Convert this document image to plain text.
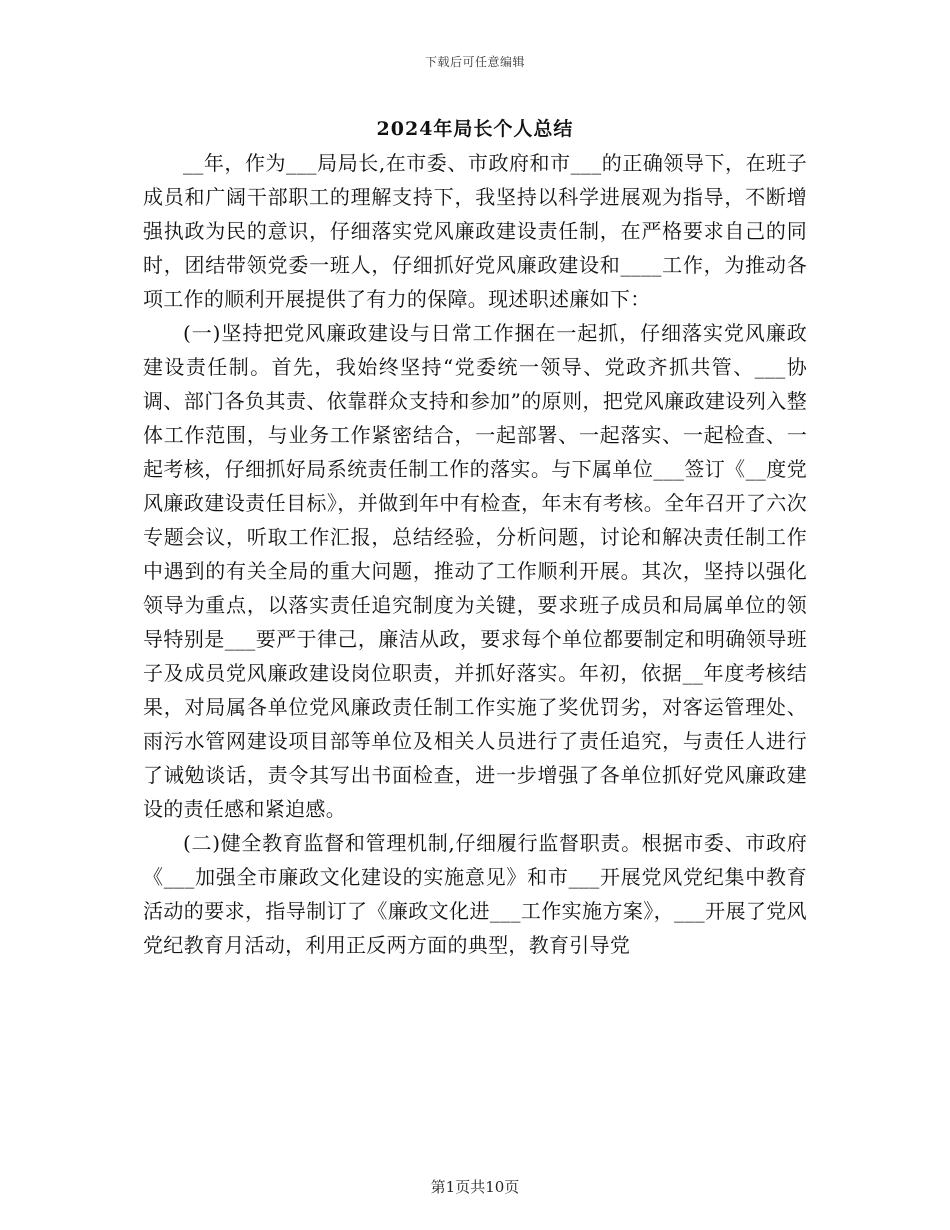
下载后可任意编辑
2024年局长个人总结

__年，作为___局局长,在市委、市政府和市___的正确领导下，在班子成员和广阔干部职工的理解支持下，我坚持以科学进展观为指导，不断增强执政为民的意识，仔细落实党风廉政建设责任制，在严格要求自己的同时，团结带领党委一班人，仔细抓好党风廉政建设和____工作，为推动各项工作的顺利开展提供了有力的保障。现述职述廉如下：

(一)坚持把党风廉政建设与日常工作捆在一起抓，仔细落实党风廉政建设责任制。首先，我始终坚持“党委统一领导、党政齐抓共管、___协调、部门各负其责、依靠群众支持和参加”的原则，把党风廉政建设列入整体工作范围，与业务工作紧密结合，一起部署、一起落实、一起检查、一起考核，仔细抓好局系统责任制工作的落实。与下属单位___签订《__度党风廉政建设责任目标》，并做到年中有检查，年末有考核。全年召开了六次专题会议，听取工作汇报，总结经验，分析问题，讨论和解决责任制工作中遇到的有关全局的重大问题，推动了工作顺利开展。其次，坚持以强化领导为重点，以落实责任追究制度为关键，要求班子成员和局属单位的领导特别是___要严于律己，廉洁从政，要求每个单位都要制定和明确领导班子及成员党风廉政建设岗位职责，并抓好落实。年初，依据__年度考核结果，对局属各单位党风廉政责任制工作实施了奖优罚劣，对客运管理处、雨污水管网建设项目部等单位及相关人员进行了责任追究，与责任人进行了诫勉谈话，责令其写出书面检查，进一步增强了各单位抓好党风廉政建设的责任感和紧迫感。

(二)健全教育监督和管理机制,仔细履行监督职责。根据市委、市政府《___加强全市廉政文化建设的实施意见》和市___开展党风党纪集中教育活动的要求，指导制订了《廉政文化进___工作实施方案》，___开展了党风党纪教育月活动，利用正反两方面的典型，教育引导党

第1页共10页
